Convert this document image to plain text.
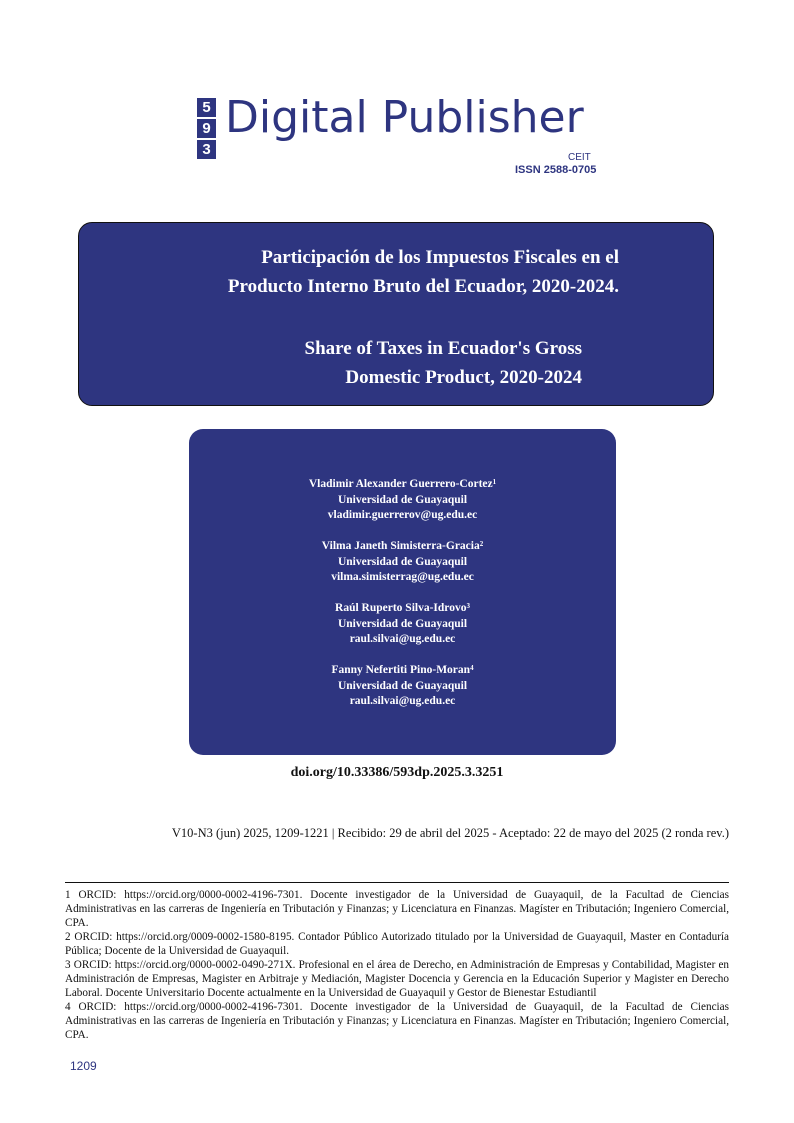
5
9
3
Digital Publisher
CEIT
ISSN 2588-0705
Participación de los Impuestos Fiscales en el
Producto Interno Bruto del Ecuador, 2020-2024.
Share of Taxes in Ecuador's Gross
Domestic Product, 2020-2024
Vladimir Alexander Guerrero-Cortez$^1$
Universidad de Guayaquil
vladimir.guerrerov@ug.edu.ec
Vilma Janeth Simisterra-Gracia$^2$
Universidad de Guayaquil
vilma.simisterrag@ug.edu.ec
Raúl Ruperto Silva-Idrovo$^3$
Universidad de Guayaquil
raul.silvai@ug.edu.ec
Fanny Nefertiti Pino-Moran$^4$
Universidad de Guayaquil
raul.silvai@ug.edu.ec
doi.org/10.33386/593dp.2025.3.3251
V10-N3 (jun) 2025, 1209-1221 | Recibido: 29 de abril del 2025 - Aceptado: 22 de mayo del 2025 (2 ronda rev.)

1 ORCID: https://orcid.org/0000-0002-4196-7301. Docente investigador de la Universidad de Guayaquil, de la Facultad de Ciencias Administrativas en las carreras de Ingeniería en Tributación y Finanzas; y Licenciatura en Finanzas. Magíster en Tributación; Ingeniero Comercial, CPA.

2 ORCID: https://orcid.org/0009-0002-1580-8195. Contador Público Autorizado titulado por la Universidad de Guayaquil, Master en Contaduría Pública; Docente de la Universidad de Guayaquil.

3 ORCID: https://orcid.org/0000-0002-0490-271X. Profesional en el área de Derecho, en Administración de Empresas y Contabilidad, Magister en Administración de Empresas, Magister en Arbitraje y Mediación, Magister Docencia y Gerencia en la Educación Superior y Magister en Derecho Laboral. Docente Universitario Docente actualmente en la Universidad de Guayaquil y Gestor de Bienestar Estudiantil

4 ORCID: https://orcid.org/0000-0002-4196-7301. Docente investigador de la Universidad de Guayaquil, de la Facultad de Ciencias Administrativas en las carreras de Ingeniería en Tributación y Finanzas; y Licenciatura en Finanzas. Magíster en Tributación; Ingeniero Comercial, CPA.

1209
